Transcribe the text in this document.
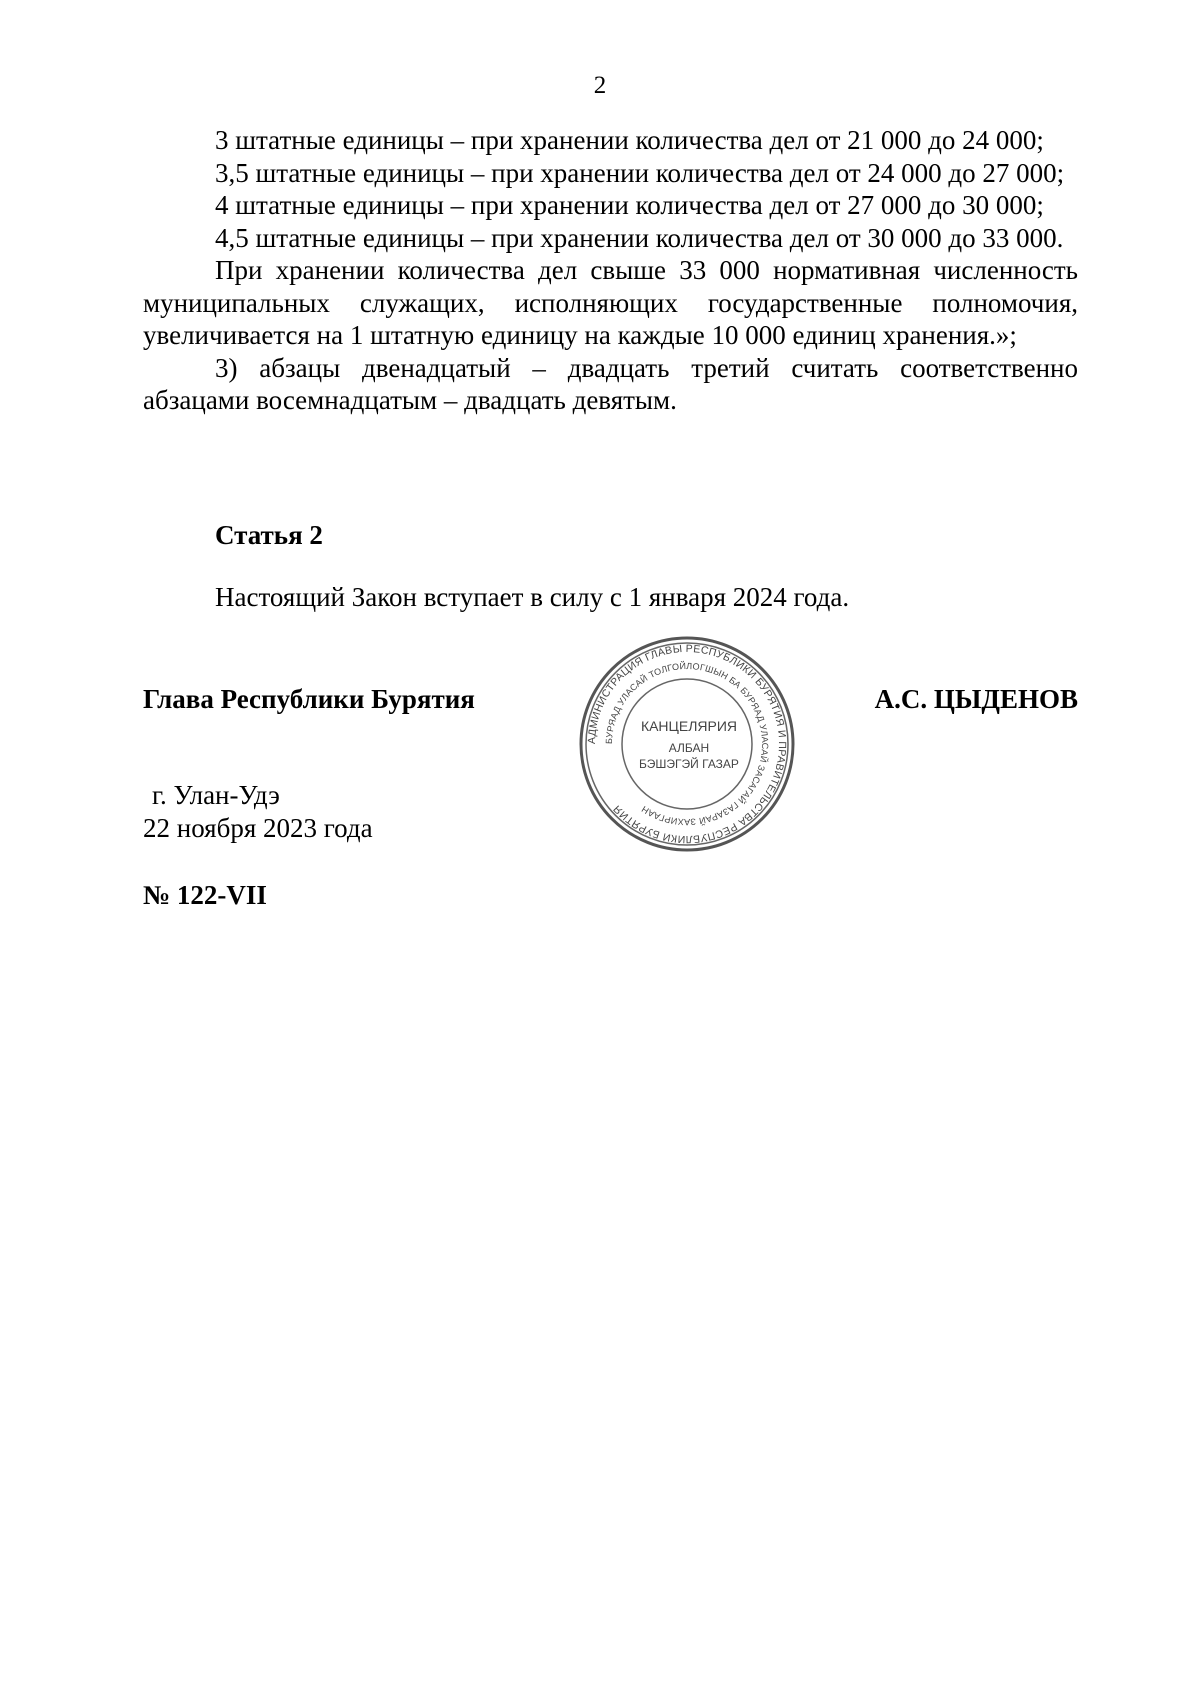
2

3 штатные единицы – при хранении количества дел от 21 000 до 24 000;

3,5 штатные единицы – при хранении количества дел от 24 000 до 27 000;

4 штатные единицы – при хранении количества дел от 27 000 до 30 000;

4,5 штатные единицы – при хранении количества дел от 30 000 до 33 000.

При хранении количества дел свыше 33 000 нормативная численность муниципальных служащих, исполняющих государственные полномочия, увеличивается на 1 штатную единицу на каждые 10 000 единиц хранения.»;

3) абзацы двенадцатый – двадцать третий считать соответственно абзацами восемнадцатым – двадцать девятым.

Статья 2
Настоящий Закон вступает в силу с 1 января 2024 года.
Глава Республики Бурятия	А.С. ЦЫДЕНОВ
АДМИНИСТРАЦИЯ ГЛАВЫ РЕСПУБЛИКИ БУРЯТИЯ И ПРАВИТЕЛЬСТВА РЕСПУБЛИКИ БУРЯТИЯ
БУРЯАД УЛАСАЙ ТОЛГОЙЛОГШЫН БА БУРЯАД УЛАСАЙ ЗАСАГАЙ ГАЗАРАЙ ЗАХИРГААН
КАНЦЕЛЯРИЯ
АЛБАН
БЭШЭГЭЙ ГАЗАР
г. Улан-Удэ
22 ноября 2023 года
№ 122-VII
